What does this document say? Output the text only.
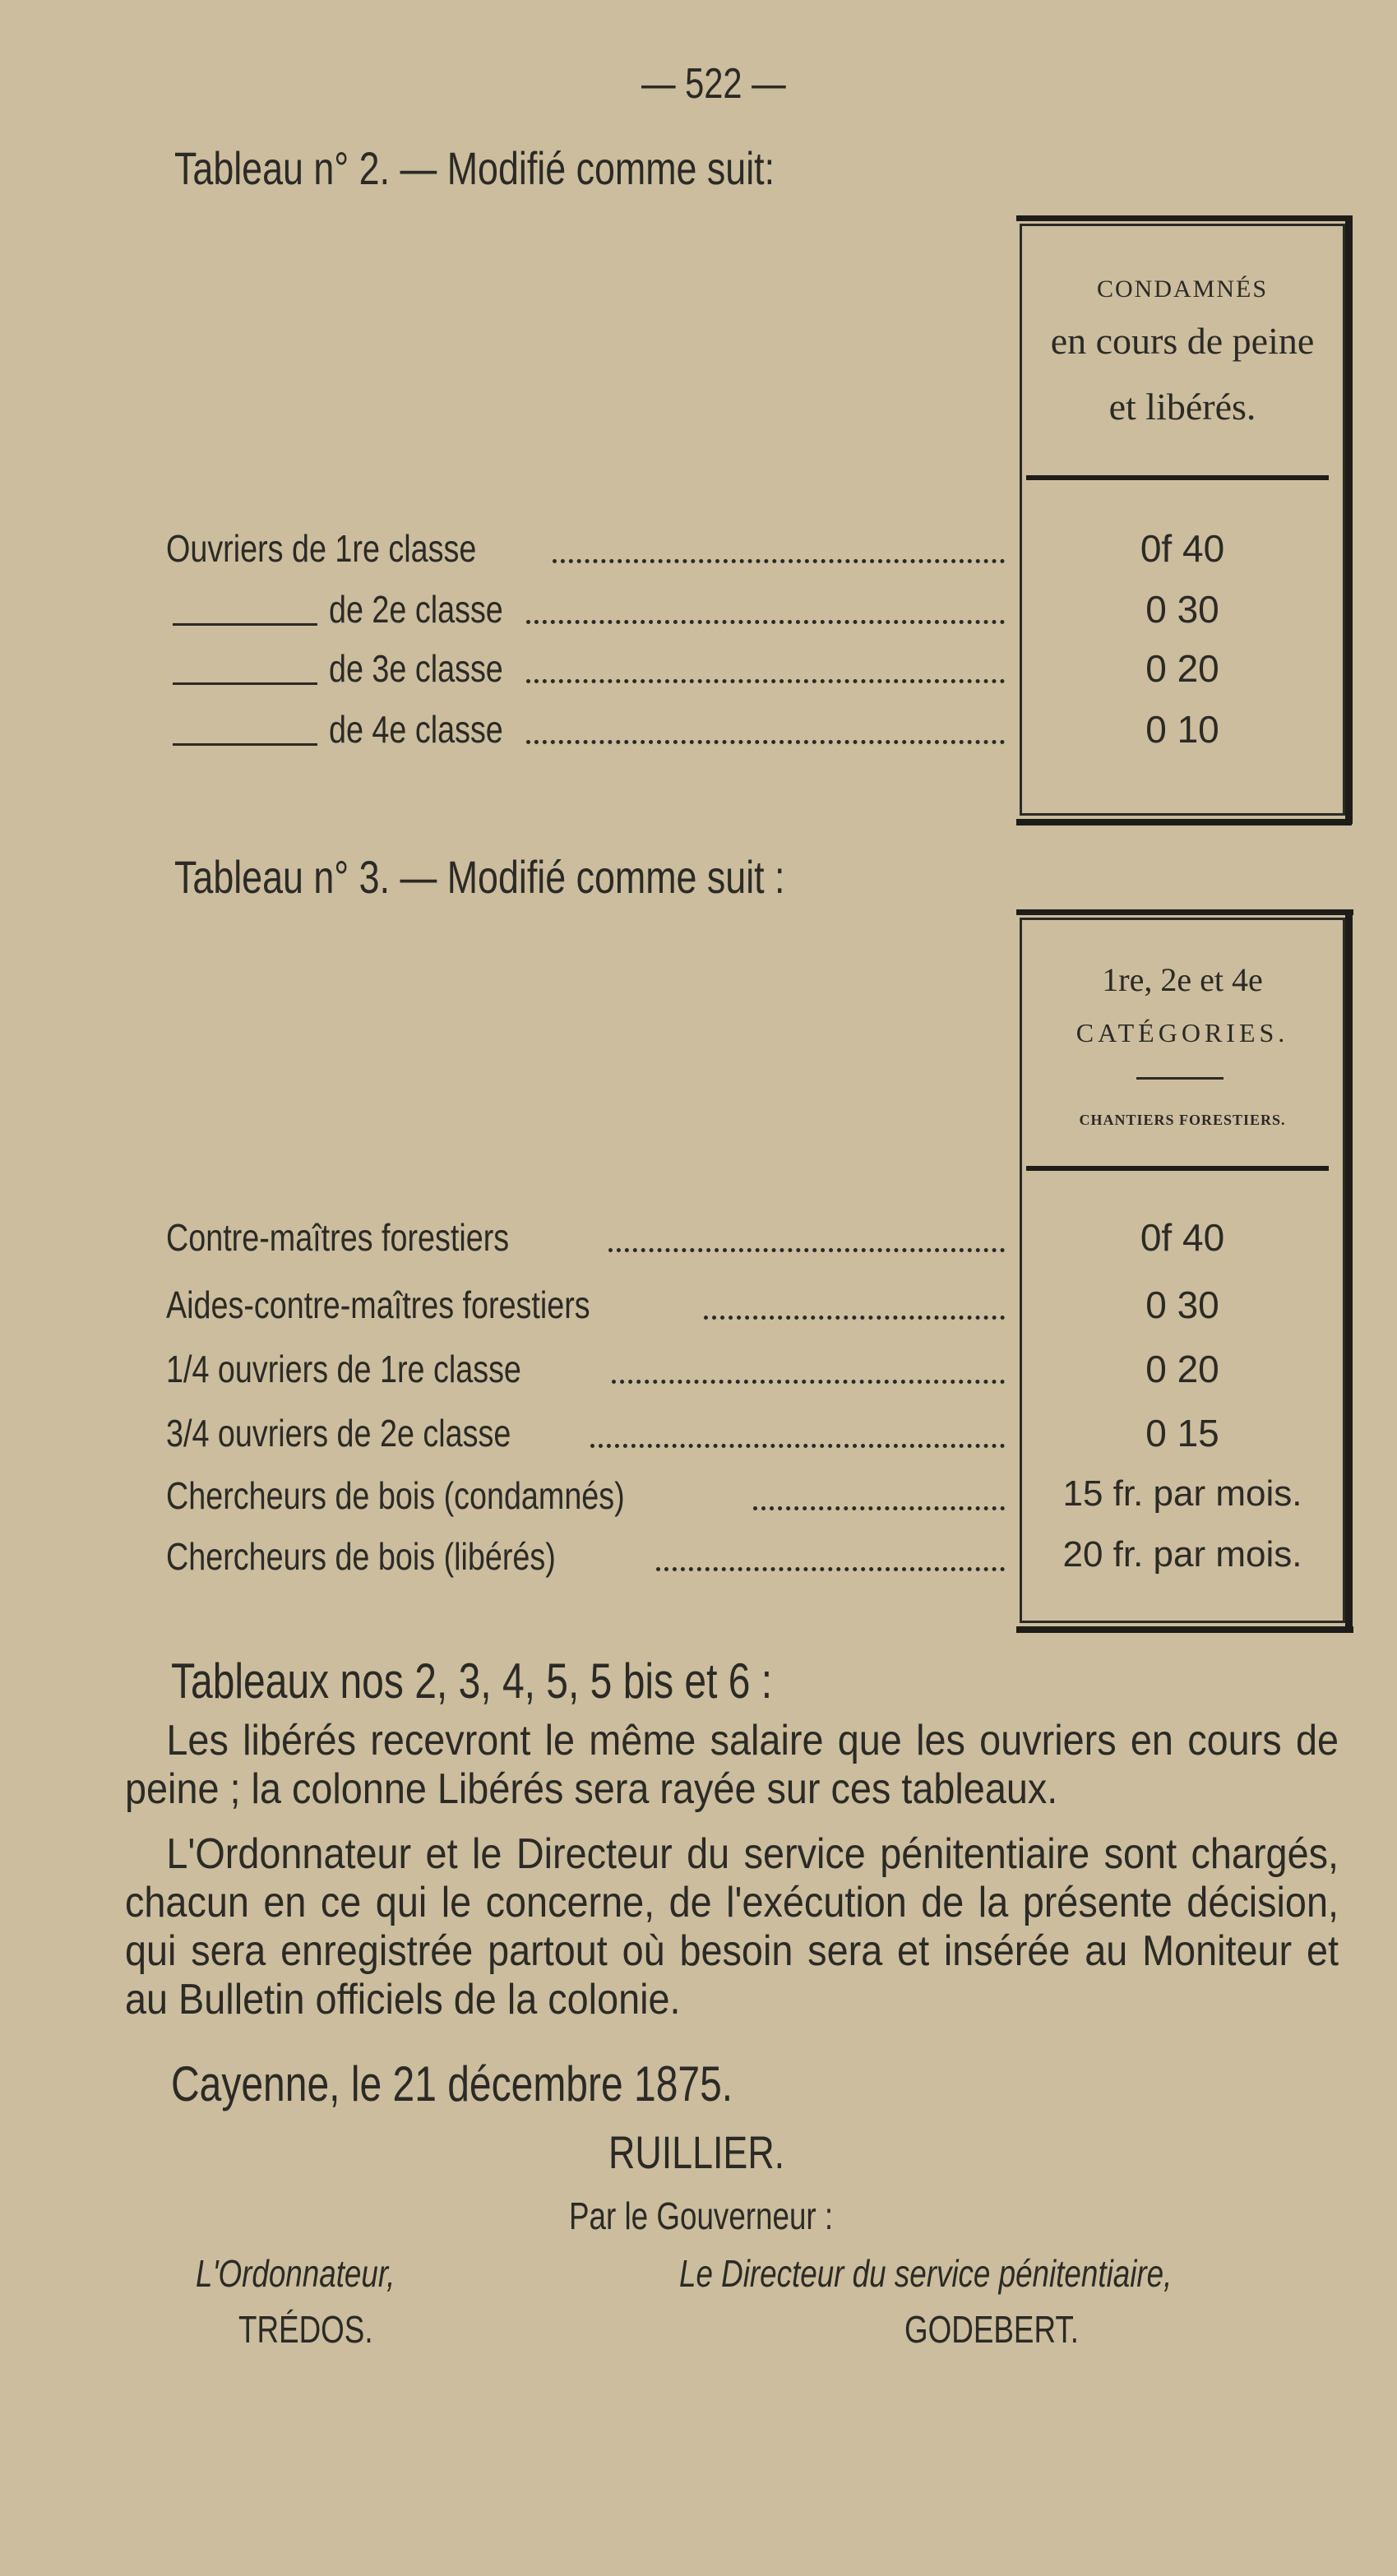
— 522 —
Tableau n° 2. — Modifié comme suit:
CONDAMNÉS
en cours de peine
et libérés.
Ouvriers de 1re classe	0f 40
de 2e classe	0 30
de 3e classe	0 20
de 4e classe	0 10
Tableau n° 3. — Modifié comme suit :
1re, 2e et 4e
CATÉGORIES.
CHANTIERS FORESTIERS.
Contre-maîtres forestiers	0f 40
Aides-contre-maîtres forestiers	0 30
1/4 ouvriers de 1re classe	0 20
3/4 ouvriers de 2e classe	0 15
Chercheurs de bois (condamnés)	15 fr. par mois.
Chercheurs de bois (libérés)	20 fr. par mois.
Tableaux nos 2, 3, 4, 5, 5 bis et 6 :
Les libérés recevront le même salaire que les ouvriers en cours de peine ; la colonne Libérés sera rayée sur ces tableaux.
L'Ordonnateur et le Directeur du service pénitentiaire sont chargés, chacun en ce qui le concerne, de l'exécution de la présente décision, qui sera enregistrée partout où besoin sera et insérée au Moniteur et au Bulletin officiels de la colonie.
Cayenne, le 21 décembre 1875.
RUILLIER.
Par le Gouverneur :
L'Ordonnateur,
TRÉDOS.
Le Directeur du service pénitentiaire,
GODEBERT.
